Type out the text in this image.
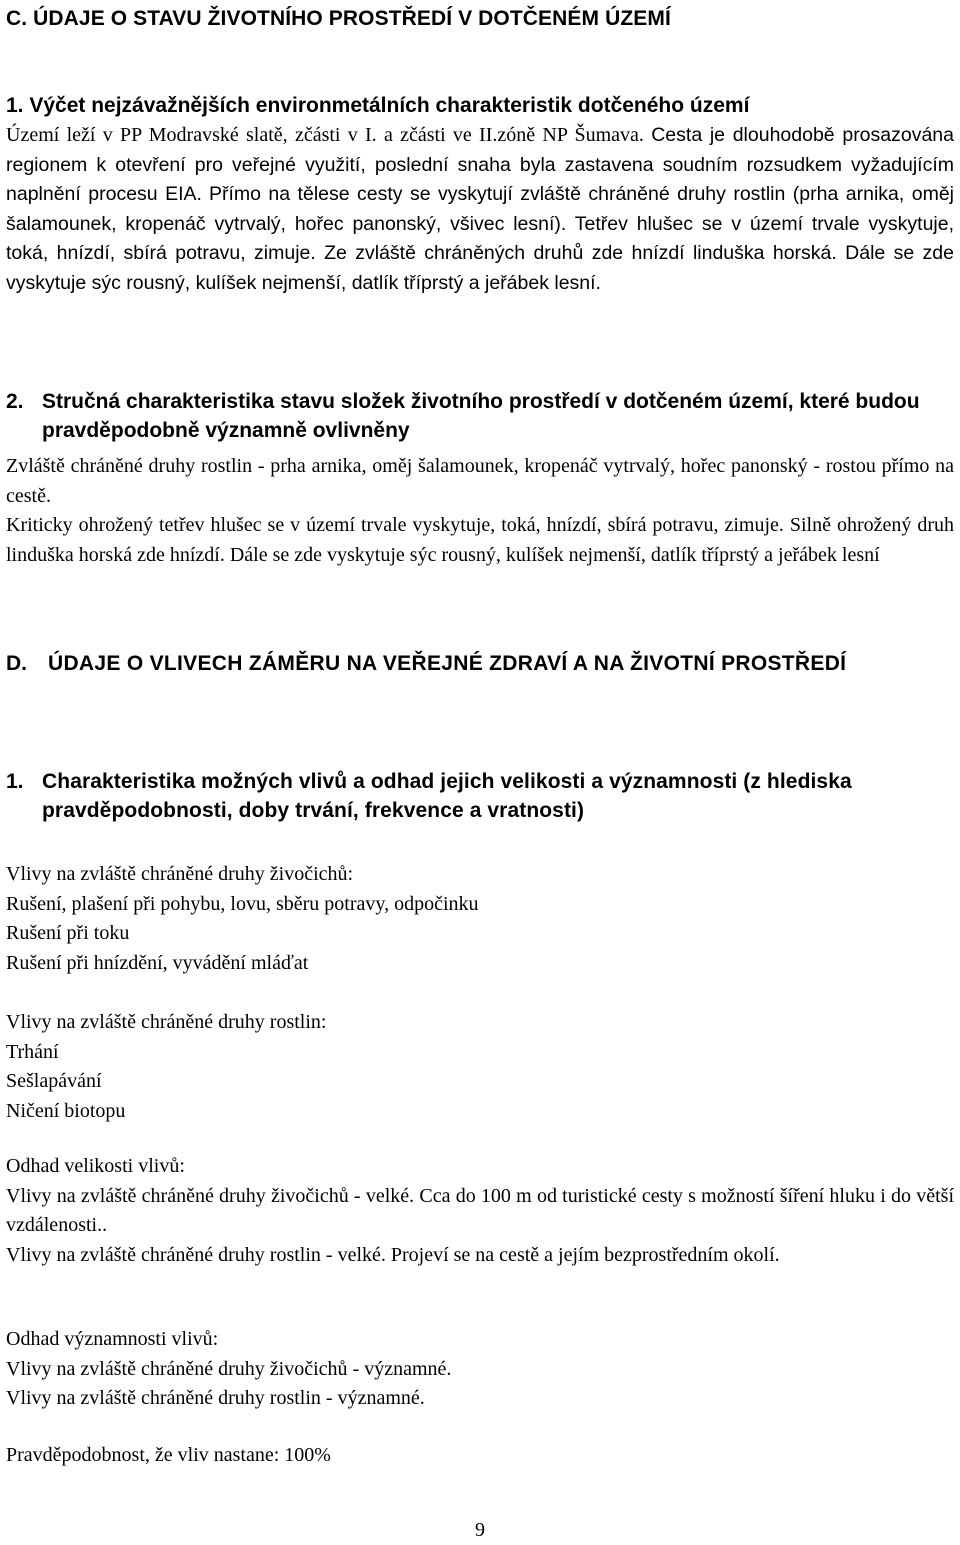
C. ÚDAJE O STAVU ŽIVOTNÍHO PROSTŘEDÍ V DOTČENÉM ÚZEMÍ
1. Výčet nejzávažnějších environmetálních charakteristik dotčeného území

Území leží v PP Modravské slatě, zčásti v I. a zčásti ve II.zóně NP Šumava. Cesta je dlouhodobě prosazována regionem k otevření pro veřejné využití, poslední snaha byla zastavena soudním rozsudkem vyžadujícím naplnění procesu EIA. Přímo na tělese cesty se vyskytují zvláště chráněné druhy rostlin (prha arnika, oměj šalamounek, kropenáč vytrvalý, hořec panonský, všivec lesní). Tetřev hlušec se v území trvale vyskytuje, toká, hnízdí, sbírá potravu, zimuje. Ze zvláště chráněných druhů zde hnízdí linduška horská. Dále se zde vyskytuje sýc rousný, kulíšek nejmenší, datlík tříprstý a jeřábek lesní.

2. Stručná charakteristika stavu složek životního prostředí v dotčeném území, které budou pravděpodobně významně ovlivněny

Zvláště chráněné druhy rostlin - prha arnika, oměj šalamounek, kropenáč vytrvalý, hořec panonský - rostou přímo na cestě.

Kriticky ohrožený tetřev hlušec se v území trvale vyskytuje, toká, hnízdí, sbírá potravu, zimuje. Silně ohrožený druh linduška horská zde hnízdí. Dále se zde vyskytuje sýc rousný, kulíšek nejmenší, datlík tříprstý a jeřábek lesní

D.	ÚDAJE O VLIVECH ZÁMĚRU NA VEŘEJNÉ ZDRAVÍ A NA ŽIVOTNÍ PROSTŘEDÍ
1. Charakteristika možných vlivů a odhad jejich velikosti a významnosti (z hlediska pravděpodobnosti, doby trvání, frekvence a vratnosti)
Vlivy na zvláště chráněné druhy živočichů:
Rušení, plašení při pohybu, lovu, sběru potravy, odpočinku
Rušení při toku
Rušení při hnízdění, vyvádění mláďat
Vlivy na zvláště chráněné druhy rostlin:
Trhání
Sešlapávání
Ničení biotopu
Odhad velikosti vlivů:

Vlivy na zvláště chráněné druhy živočichů - velké. Cca do 100 m od turistické cesty s možností šíření hluku i do větší vzdálenosti..

Vlivy na zvláště chráněné druhy rostlin - velké. Projeví se na cestě a jejím bezprostředním okolí.

Odhad významnosti vlivů:
Vlivy na zvláště chráněné druhy živočichů - významné.
Vlivy na zvláště chráněné druhy rostlin - významné.
Pravděpodobnost, že vliv nastane: 100%
9
